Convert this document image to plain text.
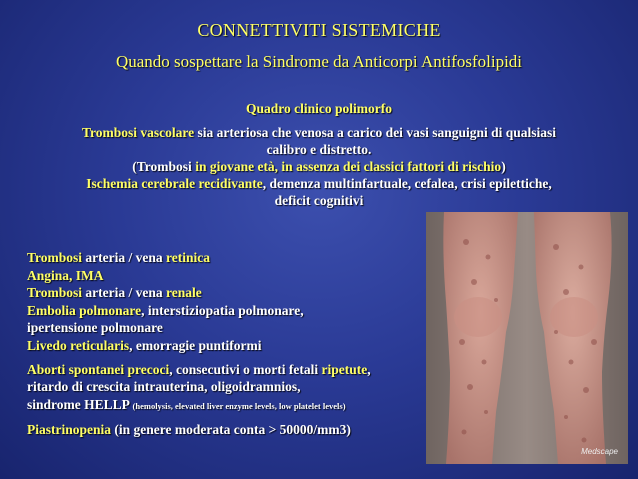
CONNETTIVITI SISTEMICHE
Quando sospettare la Sindrome da Anticorpi Antifosfolipidi
Quadro clinico polimorfo

Trombosi vascolare sia arteriosa che venosa a carico dei vasi sanguigni di qualsiasi

calibro e distretto.

(Trombosi in giovane età, in assenza dei classici fattori di rischio)

Ischemia cerebrale recidivante, demenza multinfartuale, cefalea, crisi epilettiche,

deficit cognitivi

Medscape

Trombosi arteria / vena retinica

Angina, IMA

Trombosi arteria / vena renale

Embolia polmonare, interstiziopatia polmonare,

ipertensione polmonare

Livedo reticularis, emorragie puntiformi

Aborti spontanei precoci, consecutivi o morti fetali ripetute,

ritardo di crescita intrauterina, oligoidramnios,

sindrome HELLP (hemolysis, elevated liver enzyme levels, low platelet levels)

Piastrinopenia (in genere moderata conta > 50000/mm3)
